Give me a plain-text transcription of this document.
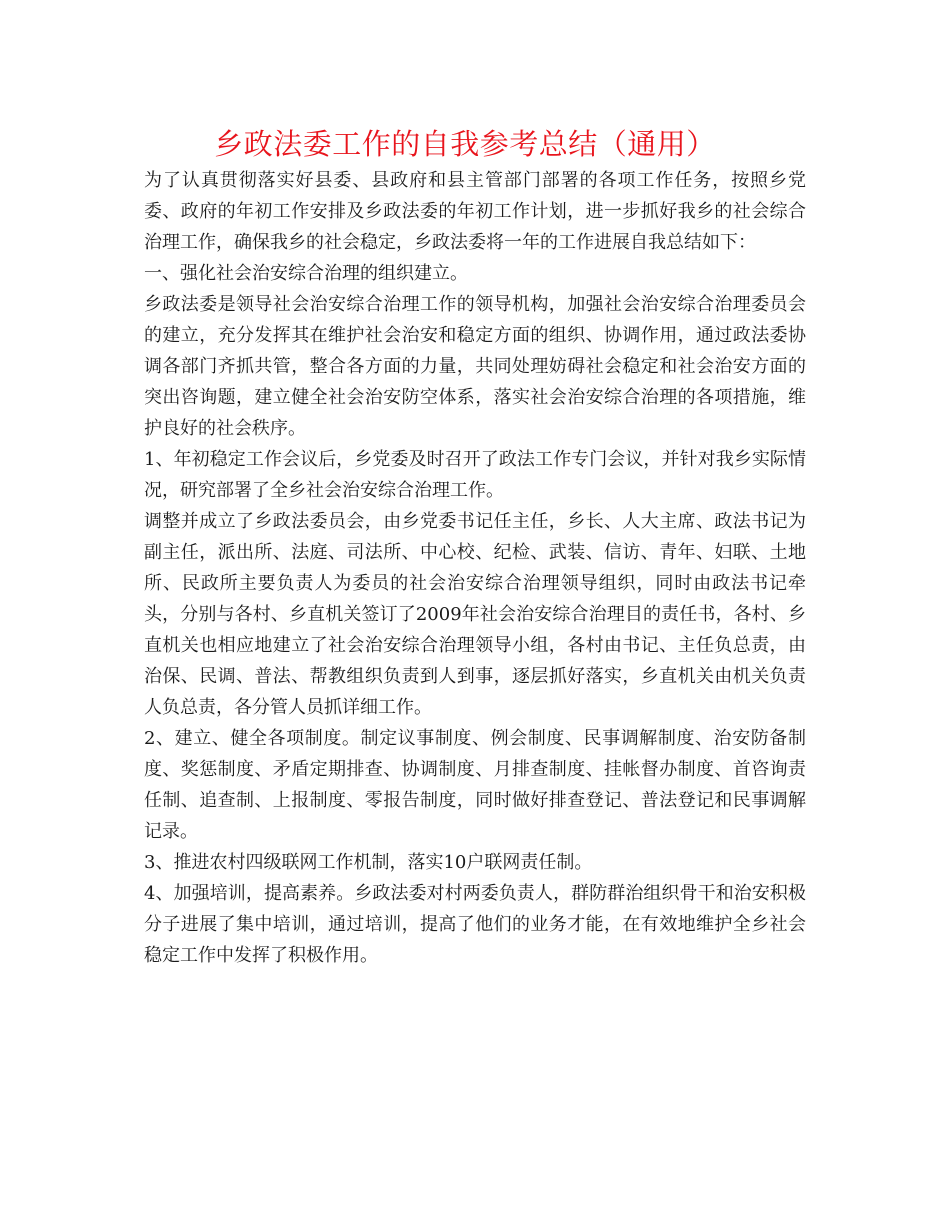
乡政法委工作的自我参考总结（通用）

为了认真贯彻落实好县委、县政府和县主管部门部署的各项工作任务，按照乡党委、政府的年初工作安排及乡政法委的年初工作计划，进一步抓好我乡的社会综合治理工作，确保我乡的社会稳定，乡政法委将一年的工作进展自我总结如下：

一、强化社会治安综合治理的组织建立。

乡政法委是领导社会治安综合治理工作的领导机构，加强社会治安综合治理委员会的建立，充分发挥其在维护社会治安和稳定方面的组织、协调作用，通过政法委协调各部门齐抓共管，整合各方面的力量，共同处理妨碍社会稳定和社会治安方面的突出咨询题，建立健全社会治安防空体系，落实社会治安综合治理的各项措施，维护良好的社会秩序。

1、年初稳定工作会议后，乡党委及时召开了政法工作专门会议，并针对我乡实际情况，研究部署了全乡社会治安综合治理工作。

调整并成立了乡政法委员会，由乡党委书记任主任，乡长、人大主席、政法书记为副主任，派出所、法庭、司法所、中心校、纪检、武装、信访、青年、妇联、土地所、民政所主要负责人为委员的社会治安综合治理领导组织，同时由政法书记牵头，分别与各村、乡直机关签订了2009年社会治安综合治理目的责任书，各村、乡直机关也相应地建立了社会治安综合治理领导小组，各村由书记、主任负总责，由治保、民调、普法、帮教组织负责到人到事，逐层抓好落实，乡直机关由机关负责人负总责，各分管人员抓详细工作。

2、建立、健全各项制度。制定议事制度、例会制度、民事调解制度、治安防备制度、奖惩制度、矛盾定期排查、协调制度、月排查制度、挂帐督办制度、首咨询责任制、追查制、上报制度、零报告制度，同时做好排查登记、普法登记和民事调解记录。

3、推进农村四级联网工作机制，落实10户联网责任制。

4、加强培训，提高素养。乡政法委对村两委负责人，群防群治组织骨干和治安积极分子进展了集中培训，通过培训，提高了他们的业务才能，在有效地维护全乡社会稳定工作中发挥了积极作用。
